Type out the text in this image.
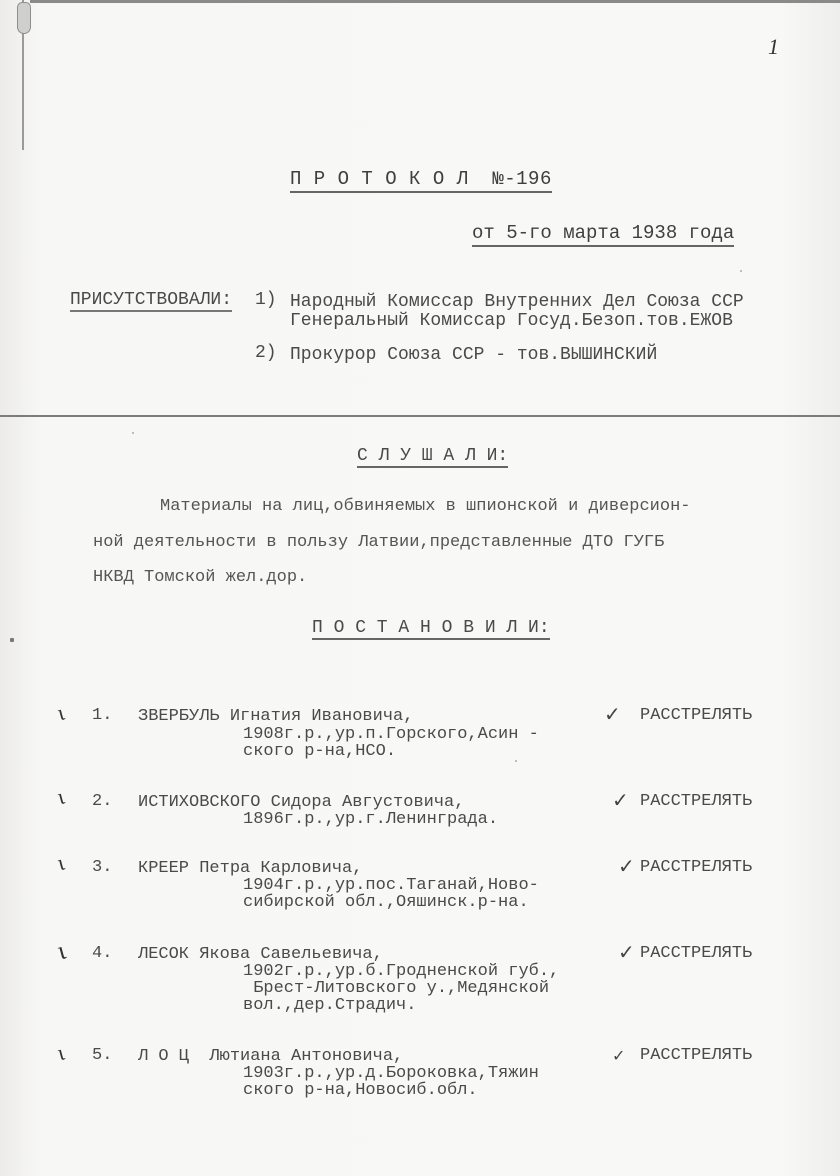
1
П Р О Т О К О Л  №-196
от 5-го марта 1938 года
ПРИСУТСТВОВАЛИ: 1) Народный Комиссар Внутренних Дел Союза ССР
Генеральный Комиссар Госуд.Безоп.тов.ЕЖОВ
2) Прокурор Союза ССР - тов.ВЫШИНСКИЙ
С Л У Ш А Л И:
Материалы на лиц,обвиняемых в шпионской и диверсион-
ной деятельности в пользу Латвии,представленные ДТО ГУГБ
НКВД Томской жел.дор.
П О С Т А Н О В И Л И:
ɩ 1. ЗВЕРБУЛЬ Игнатия Ивановича,
1908г.р.,ур.п.Горского,Асин -
ского р-на,НСО.
✓ РАССТРЕЛЯТЬ
ɩ 2. ИСТИХОВСКОГО Сидора Августовича,
1896г.р.,ур.г.Ленинграда.
✓ РАССТРЕЛЯТЬ
ɩ 3. КРЕЕР Петра Карловича,
1904г.р.,ур.пос.Таганай,Ново-
сибирской обл.,Ояшинск.р-на.
✓ РАССТРЕЛЯТЬ
ɩ 4. ЛЕСОК Якова Савельевича,
1902г.р.,ур.б.Гродненской губ.,
Брест-Литовского у.,Медянской
вол.,дер.Страдич.
✓ РАССТРЕЛЯТЬ
ɩ 5. Л О Ц  Лютиана Антоновича,
1903г.р.,ур.д.Бороковка,Тяжин
ского р-на,Новосиб.обл.
✓ РАССТРЕЛЯТЬ
